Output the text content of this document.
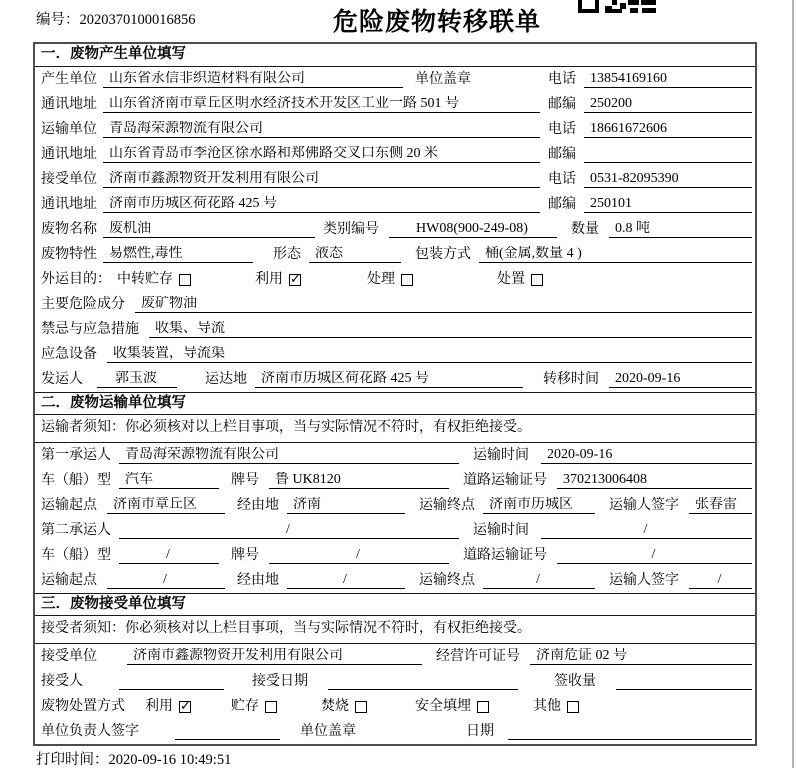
编号：2020370100016856	危险废物转移联单
一．废物产生单位填写
产生单位 山东省永信非织造材料有限公司	单位盖章	电话	13854169160
通讯地址 山东省济南市章丘区明水经济技术开发区工业一路 501 号	邮编	250200
运输单位 青岛海荣源物流有限公司	电话	18661672606
通讯地址 山东省青岛市李沧区徐水路和郑佛路交叉口东侧 20 米	邮编
接受单位 济南市鑫源物资开发利用有限公司	电话	0531-82095390
通讯地址 济南市历城区荷花路 425 号	邮编	250101
废物名称 废机油	类别编号	HW08(900-249-08)	数量	0.8 吨
废物特性 易燃性,毒性	形态	液态	包装方式	桶(金属,数量 4 )
外运目的： 中转贮存	利用 ✓	处理	处置
主要危险成分	废矿物油
禁忌与应急措施	收集、导流
应急设备	收集装置，导流渠
发运人	郭玉波	运达地	济南市历城区荷花路 425 号	转移时间	2020-09-16
二．废物运输单位填写
运输者须知：你必须核对以上栏目事项，当与实际情况不符时，有权拒绝接受。
第一承运人	青岛海荣源物流有限公司	运输时间	2020-09-16
车（船）型	汽车	牌号	鲁 UK8120	道路运输证号	370213006408
运输起点	济南市章丘区	经由地	济南	运输终点	济南市历城区	运输人签字	张春雷
第二承运人	/	运输时间	/
车（船）型	/	牌号	/	道路运输证号	/
运输起点	/	经由地	/	运输终点	/	运输人签字	/
三．废物接受单位填写
接受者须知：你必须核对以上栏目事项，当与实际情况不符时，有权拒绝接受。
接受单位	济南市鑫源物资开发利用有限公司	经营许可证号	济南危证 02 号
接受人	接受日期	签收量
废物处置方式 利用 ✓	贮存	焚烧	安全填埋	其他
单位负责人签字	单位盖章	日期
打印时间：2020-09-16 10:49:51
